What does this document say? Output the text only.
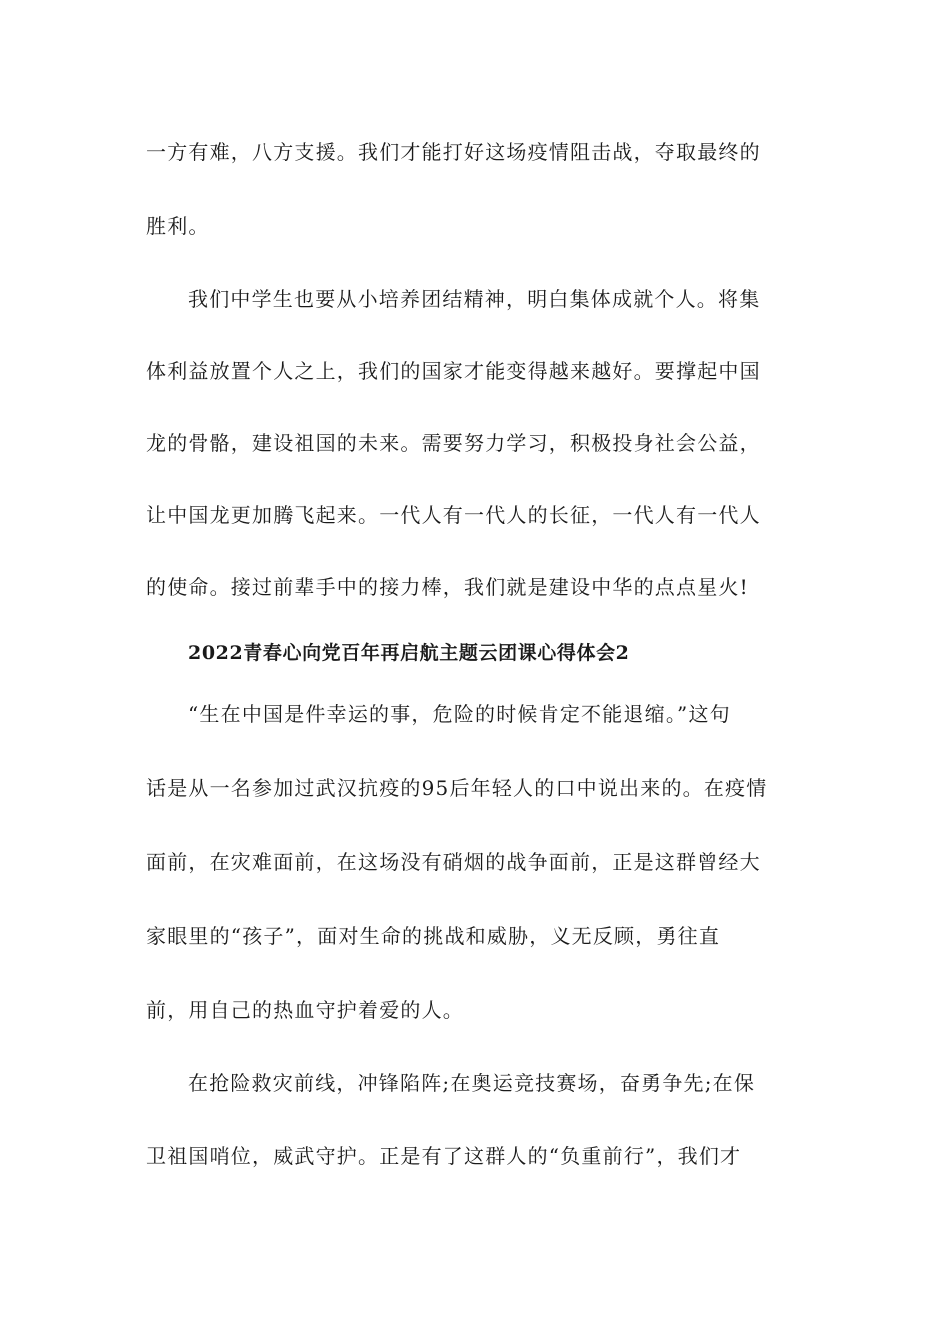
一方有难，八方支援。我们才能打好这场疫情阻击战，夺取最终的
胜利。
我们中学生也要从小培养团结精神，明白集体成就个人。将集
体利益放置个人之上，我们的国家才能变得越来越好。要撑起中国
龙的骨骼，建设祖国的未来。需要努力学习，积极投身社会公益，
让中国龙更加腾飞起来。一代人有一代人的长征，一代人有一代人
的使命。接过前辈手中的接力棒，我们就是建设中华的点点星火!
2022青春心向党百年再启航主题云团课心得体会2
“生在中国是件幸运的事，危险的时候肯定不能退缩。”这句
话是从一名参加过武汉抗疫的95后年轻人的口中说出来的。在疫情
面前，在灾难面前，在这场没有硝烟的战争面前，正是这群曾经大
家眼里的“孩子”，面对生命的挑战和威胁，义无反顾，勇往直
前，用自己的热血守护着爱的人。
在抢险救灾前线，冲锋陷阵;在奥运竞技赛场，奋勇争先;在保
卫祖国哨位，威武守护。正是有了这群人的“负重前行”，我们才
